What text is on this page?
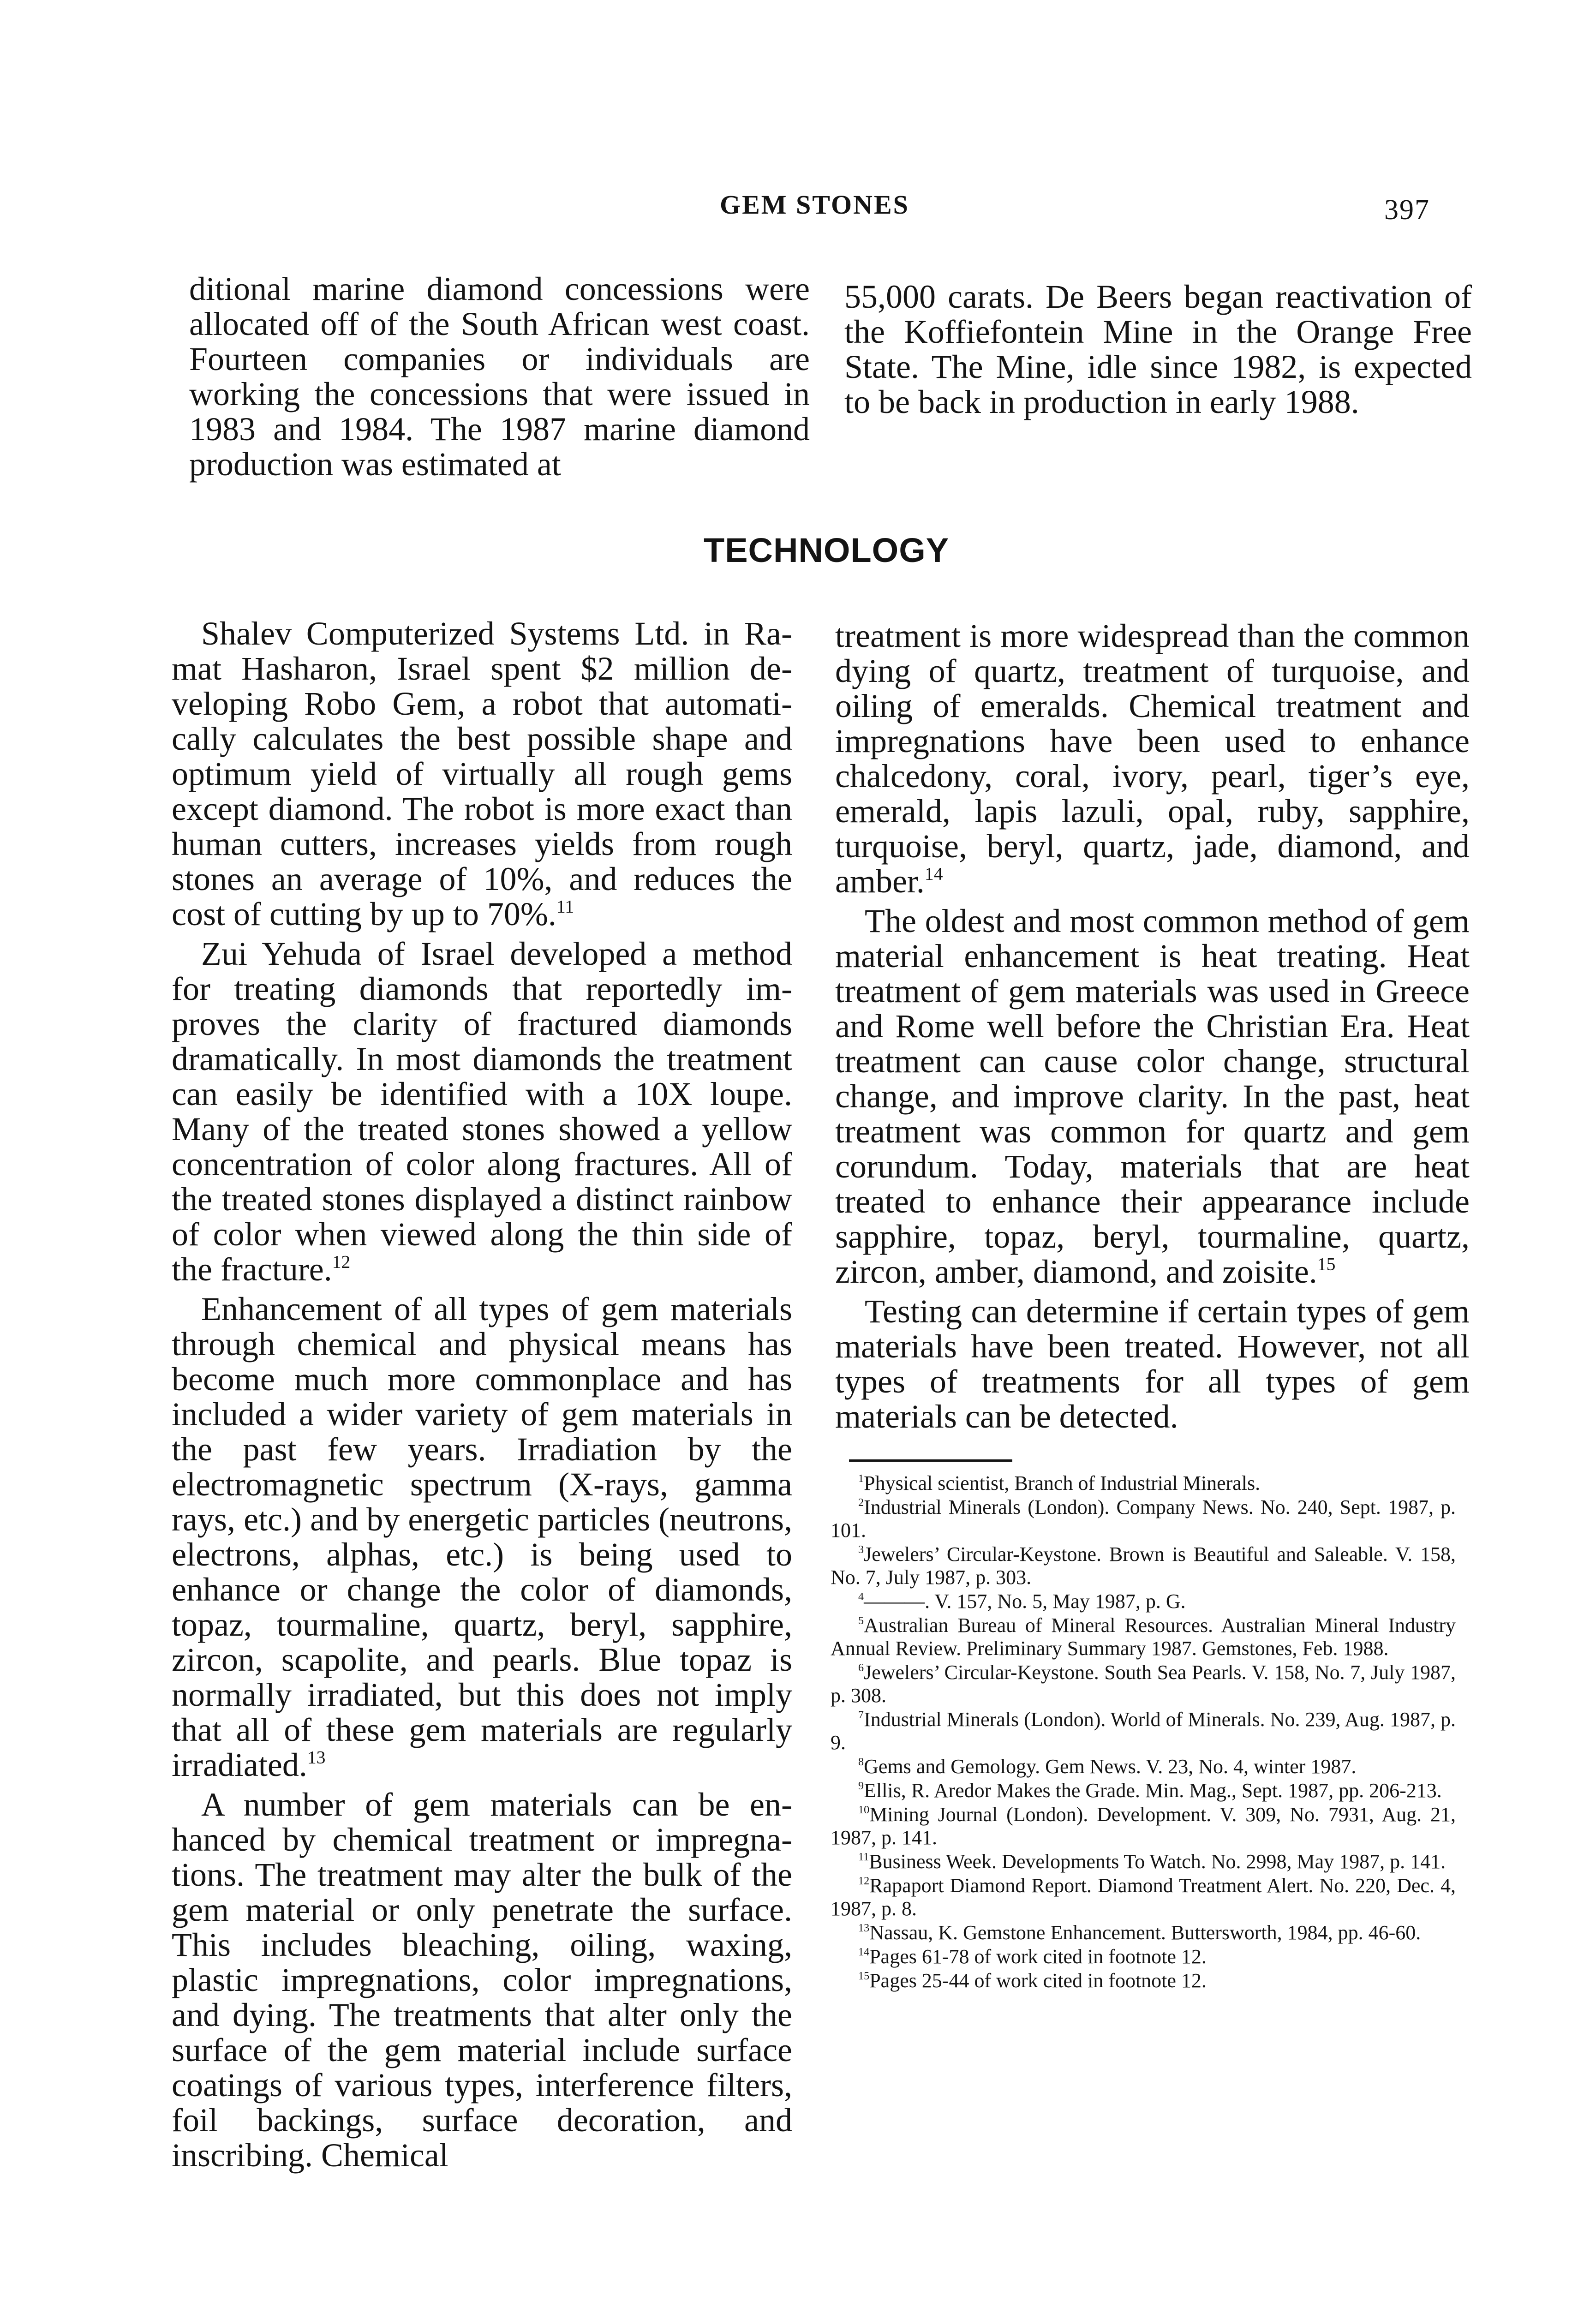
GEM STONES	397

ditional marine diamond concessions were allocated off of the South African west coast. Fourteen companies or individuals are working the concessions that were issued in 1983 and 1984. The 1987 marine diamond production was estimated at

55,000 carats. De Beers began reactivation of the Koffiefontein Mine in the Orange Free State. The Mine, idle since 1982, is expected to be back in production in early 1988.

TECHNOLOGY

Shalev Computerized Systems Ltd. in Ramat Hasharon, Israel spent $2 million developing Robo Gem, a robot that automatically calculates the best possible shape and optimum yield of virtually all rough gems except diamond. The robot is more exact than human cutters, increases yields from rough stones an average of 10%, and reduces the cost of cutting by up to 70%.$^{11}$

Zui Yehuda of Israel developed a method for treating diamonds that reportedly improves the clarity of fractured diamonds dramatically. In most diamonds the treatment can easily be identified with a 10X loupe. Many of the treated stones showed a yellow concentration of color along fractures. All of the treated stones displayed a distinct rainbow of color when viewed along the thin side of the fracture.$^{12}$

Enhancement of all types of gem materials through chemical and physical means has become much more commonplace and has included a wider variety of gem materials in the past few years. Irradiation by the electromagnetic spectrum (X-rays, gamma rays, etc.) and by energetic particles (neutrons, electrons, alphas, etc.) is being used to enhance or change the color of diamonds, topaz, tourmaline, quartz, beryl, sapphire, zircon, scapolite, and pearls. Blue topaz is normally irradiated, but this does not imply that all of these gem materials are regularly irradiated.$^{13}$

A number of gem materials can be enhanced by chemical treatment or impregnations. The treatment may alter the bulk of the gem material or only penetrate the surface. This includes bleaching, oiling, waxing, plastic impregnations, color impregnations, and dying. The treatments that alter only the surface of the gem material include surface coatings of various types, interference filters, foil backings, surface decoration, and inscribing. Chemical

treatment is more widespread than the common dying of quartz, treatment of turquoise, and oiling of emeralds. Chemical treatment and impregnations have been used to enhance chalcedony, coral, ivory, pearl, tiger’s eye, emerald, lapis lazuli, opal, ruby, sapphire, turquoise, beryl, quartz, jade, diamond, and amber.$^{14}$

The oldest and most common method of gem material enhancement is heat treating. Heat treatment of gem materials was used in Greece and Rome well before the Christian Era. Heat treatment can cause color change, structural change, and improve clarity. In the past, heat treatment was common for quartz and gem corundum. Today, materials that are heat treated to enhance their appearance include sapphire, topaz, beryl, tourmaline, quartz, zircon, amber, diamond, and zoisite.$^{15}$

Testing can determine if certain types of gem materials have been treated. However, not all types of treatments for all types of gem materials can be detected.

$^1$Physical scientist, Branch of Industrial Minerals.

$^2$Industrial Minerals (London). Company News. No. 240, Sept. 1987, p. 101.

$^3$Jewelers’ Circular-Keystone. Brown is Beautiful and Saleable. V. 158, No. 7, July 1987, p. 303.

$^4$———. V. 157, No. 5, May 1987, p. G.

$^5$Australian Bureau of Mineral Resources. Australian Mineral Industry Annual Review. Preliminary Summary 1987. Gemstones, Feb. 1988.

$^6$Jewelers’ Circular-Keystone. South Sea Pearls. V. 158, No. 7, July 1987, p. 308.

$^7$Industrial Minerals (London). World of Minerals. No. 239, Aug. 1987, p. 9.

$^8$Gems and Gemology. Gem News. V. 23, No. 4, winter 1987.

$^9$Ellis, R. Aredor Makes the Grade. Min. Mag., Sept. 1987, pp. 206-213.

$^{10}$Mining Journal (London). Development. V. 309, No. 7931, Aug. 21, 1987, p. 141.

$^{11}$Business Week. Developments To Watch. No. 2998, May 1987, p. 141.

$^{12}$Rapaport Diamond Report. Diamond Treatment Alert. No. 220, Dec. 4, 1987, p. 8.

$^{13}$Nassau, K. Gemstone Enhancement. Buttersworth, 1984, pp. 46-60.

$^{14}$Pages 61-78 of work cited in footnote 12.

$^{15}$Pages 25-44 of work cited in footnote 12.
